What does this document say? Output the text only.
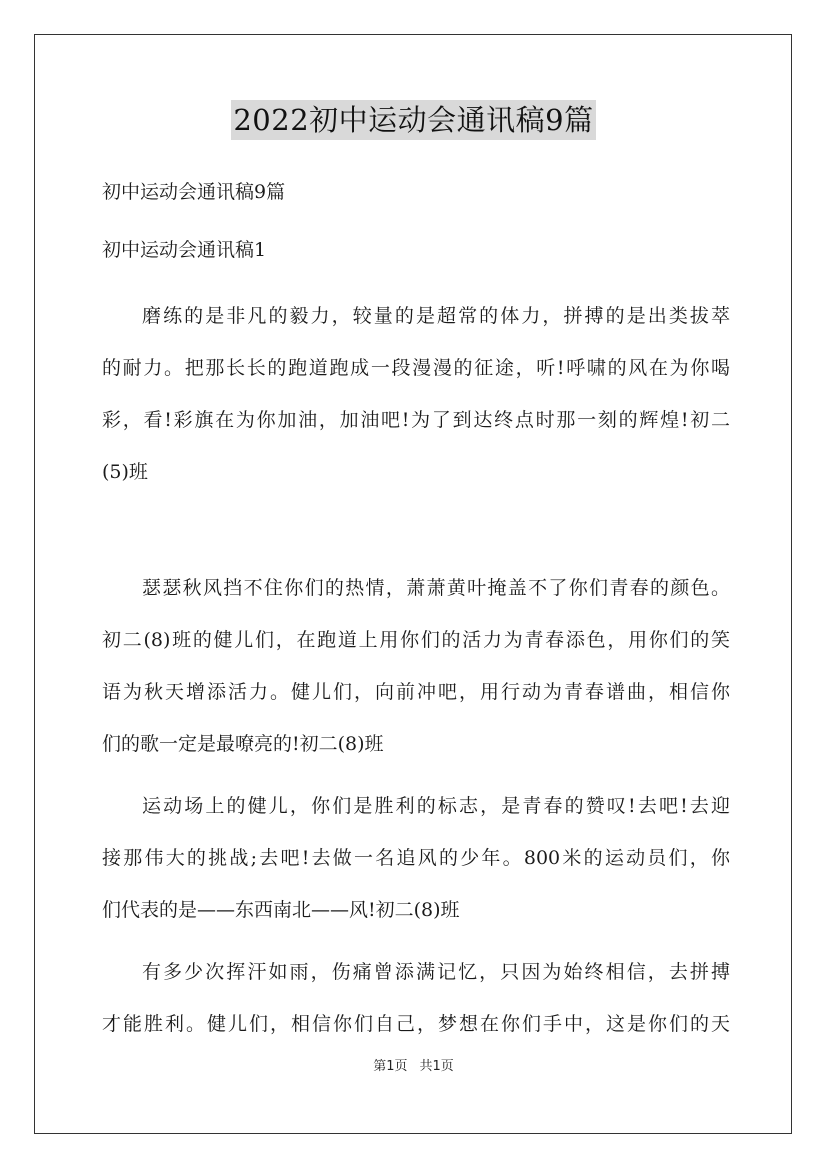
2022初中运动会通讯稿9篇
初中运动会通讯稿9篇
初中运动会通讯稿1
磨练的是非凡的毅力，较量的是超常的体力，拼搏的是出类拔萃
的耐力。把那长长的跑道跑成一段漫漫的征途，听!呼啸的风在为你喝
彩，看!彩旗在为你加油，加油吧!为了到达终点时那一刻的辉煌!初二
(5)班
瑟瑟秋风挡不住你们的热情，萧萧黄叶掩盖不了你们青春的颜色。
初二(8)班的健儿们，在跑道上用你们的活力为青春添色，用你们的笑
语为秋天增添活力。健儿们，向前冲吧，用行动为青春谱曲，相信你
们的歌一定是最嘹亮的!初二(8)班
运动场上的健儿，你们是胜利的标志，是青春的赞叹!去吧!去迎
接那伟大的挑战;去吧!去做一名追风的少年。800米的运动员们，你
们代表的是——东西南北——风!初二(8)班
有多少次挥汗如雨，伤痛曾添满记忆，只因为始终相信，去拼搏
才能胜利。健儿们，相信你们自己，梦想在你们手中，这是你们的天
第1页 共1页
